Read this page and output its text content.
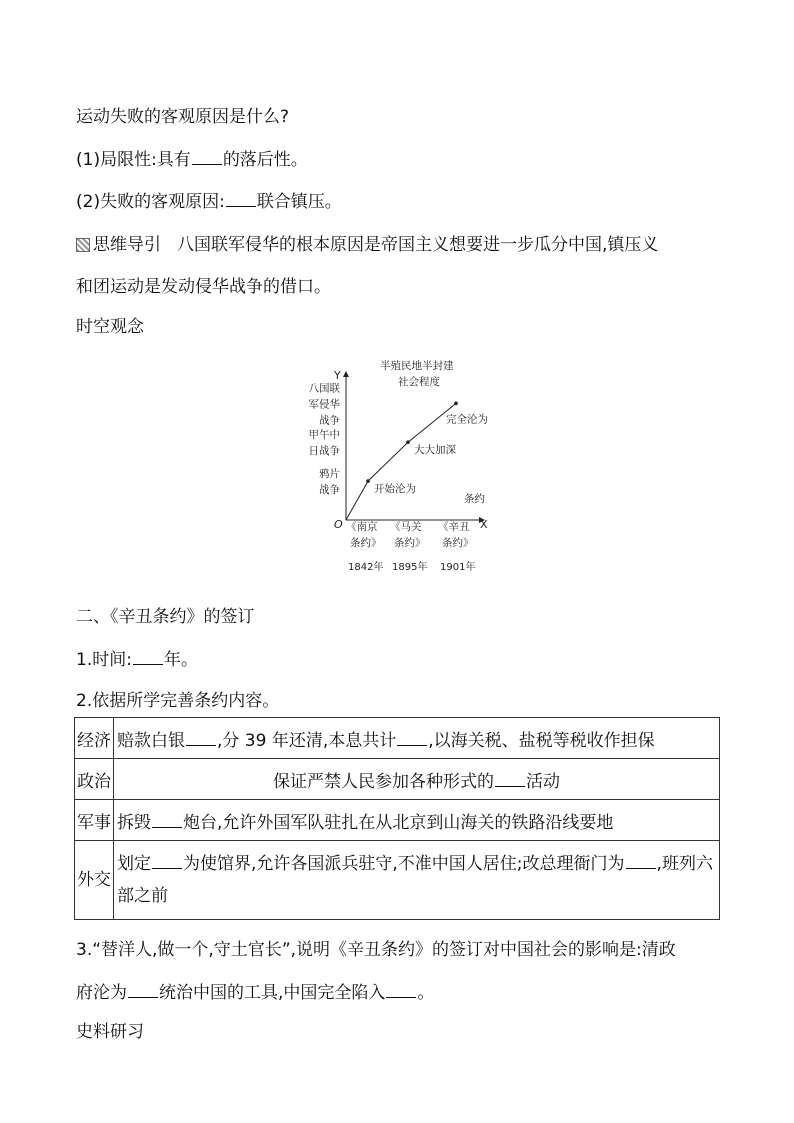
运动失败的客观原因是什么?
(1)局限性:具有 的落后性。
(2)失败的客观原因: 联合镇压。
思维导引 八国联军侵华的根本原因是帝国主义想要进一步瓜分中国,镇压义
和团运动是发动侵华战争的借口。
时空观念
Y
X
O
半殖民地半封建
社会程度
条约
开始沦为
鸦片
战争
《南京
条约》
1842年
大大加深
甲午中
日战争
《马关
条约》
1895年
完全沦为
八国联
军侵华
战争
《辛丑
条约》
1901年
二、《辛丑条约》的签订
1.时间: 年。
2.依据所学完善条约内容。
经济	赔款白银 ,分 39 年还清,本息共计 ,以海关税、盐税等税收作担保
政治	保证严禁人民参加各种形式的 活动
军事	拆毁 炮台,允许外国军队驻扎在从北京到山海关的铁路沿线要地
外交	划定 为使馆界,允许各国派兵驻守,不准中国人居住;改总理衙门为 ,班列六部之前
3.“替洋人,做一个,守土官长”,说明《辛丑条约》的签订对中国社会的影响是:清政
府沦为 统治中国的工具,中国完全陷入 。
史料研习
